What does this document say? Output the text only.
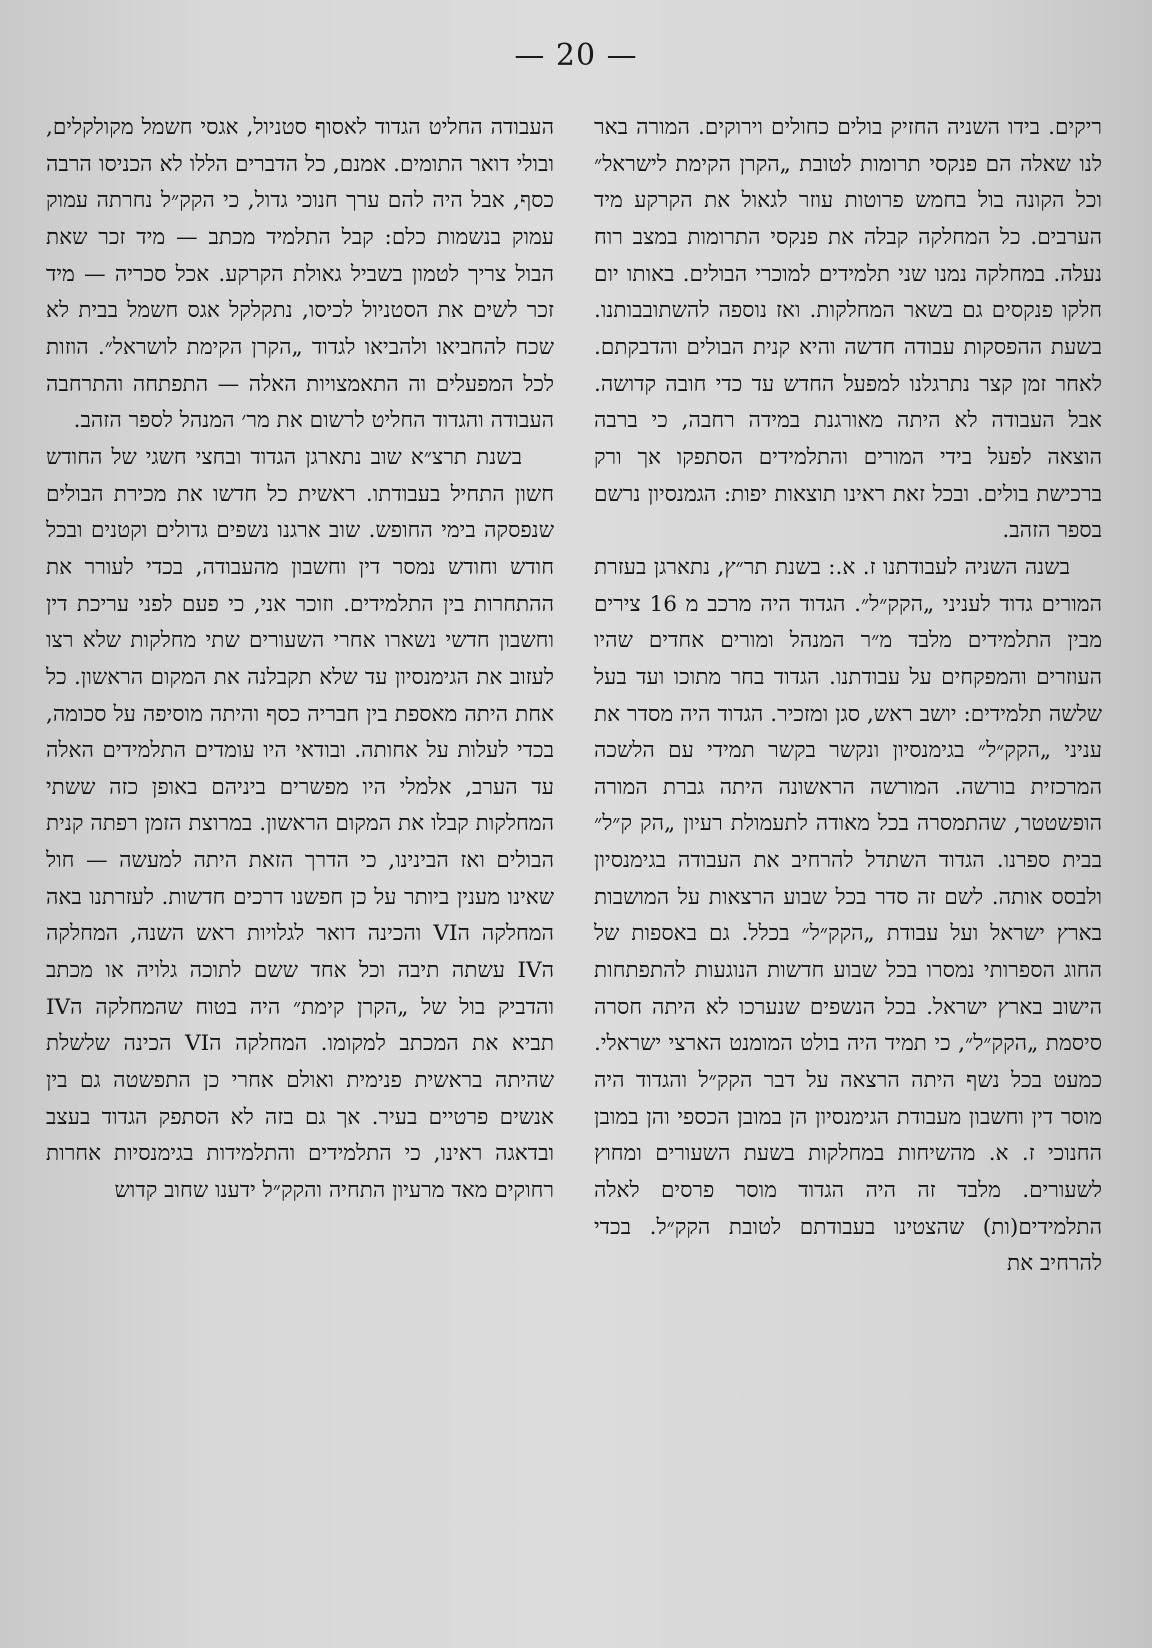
— 20 —

ריקים. בידו השניה החזיק בולים כחולים וירוקים. המורה באר לנו שאלה הם פנקסי תרומות לטובת „הקרן הקימת לישראל״ וכל הקונה בול בחמש פרוטות עוזר לגאול את הקרקע מיד הערבים. כל המחלקה קבלה את פנקסי התרומות במצב רוח נעלה. במחלקה נמנו שני תלמידים למוכרי הבולים. באותו יום חלקו פנקסים גם בשאר המחלקות. ואז נוספה להשתובבותנו. בשעת ההפסקות עבודה חדשה והיא קנית הבולים והדבקתם. לאחר זמן קצר נתרגלנו למפעל החדש עד כדי חובה קדושה. אבל העבודה לא היתה מאורגנת במידה רחבה, כי ברבה הוצאה לפעל בידי המורים והתלמידים הסתפקו אך ורק ברכישת בולים. ובכל זאת ראינו תוצאות יפות: הגמנסיון נרשם בספר הזהב.

בשנה השניה לעבודתנו ז. א.: בשנת תר״ץ, נתארגן בעזרת המורים גדוד לעניני „הקק״ל״. הגדוד היה מרכב מ 16 צירים מבין התלמידים מלבד מ״ר המנהל ומורים אחדים שהיו העוזרים והמפקחים על עבודתנו. הגדוד בחר מתוכו ועד בעל שלשה תלמידים: יושב ראש, סגן ומזכיר. הגדוד היה מסדר את עניני „הקק״ל״ בגימנסיון ונקשר בקשר תמידי עם הלשכה המרכזית בורשה. המורשה הראשונה היתה גברת המורה הופשטטר, שהתמסרה בכל מאודה לתעמולת רעיון „הק ק״ל״ בבית ספרנו. הגדוד השתדל להרחיב את העבודה בגימנסיון ולבסס אותה. לשם זה סדר בכל שבוע הרצאות על המושבות בארץ ישראל ועל עבודת „הקק״ל״ בכלל. גם באספות של החוג הספרותי נמסרו בכל שבוע חדשות הנוגעות להתפתחות הישוב בארץ ישראל. בכל הנשפים שנערכו לא היתה חסרה סיסמת „הקק״ל״, כי תמיד היה בולט המומנט הארצי ישראלי. כמעט בכל נשף היתה הרצאה על דבר הקק״ל והגדוד היה מוסר דין וחשבון מעבודת הגימנסיון הן במובן הכספי והן במובן החנוכי ז. א. מהשיחות במחלקות בשעת השעורים ומחוץ לשעורים. מלבד זה היה הגדוד מוסר פרסים לאלה התלמידים(ות) שהצטינו בעבודתם לטובת הקק״ל. בכדי להרחיב את

העבודה החליט הגדוד לאסוף סטניול, אגסי חשמל מקולקלים, ובולי דואר התומים. אמנם, כל הדברים הללו לא הכניסו הרבה כסף, אבל היה להם ערך חנוכי גדול, כי הקק״ל נחרתה עמוק עמוק בנשמות כלם: קבל התלמיד מכתב — מיד זכר שאת הבול צריך לטמון בשביל גאולת הקרקע. אכל סכריה — מיד זכר לשים את הסטניול לכיסו, נתקלקל אגס חשמל בבית לא שכח להחביאו ולהביאו לגדוד „הקרן הקימת לושראל״. הוזות לכל המפעלים וה התאמצויות האלה — התפתחה והתרחבה העבודה והגדוד החליט לרשום את מר׳ המנהל לספר הזהב.

בשנת תרצ״א שוב נתארגן הגדוד ובחצי חשגי של החודש חשון התחיל בעבודתו. ראשית כל חדשו את מכירת הבולים שנפסקה בימי החופש. שוב ארגנו נשפים גדולים וקטנים ובכל חודש וחודש נמסר דין וחשבון מהעבודה, בכדי לעורר את ההתחרות בין התלמידים. וזוכר אני, כי פעם לפני עריכת דין וחשבון חדשי נשארו אחרי השעורים שתי מחלקות שלא רצו לעזוב את הגימנסיון עד שלא תקבלנה את המקום הראשון. כל אחת היתה מאספת בין חבריה כסף והיתה מוסיפה על סכומה, בכדי לעלות על אחותה. ובודאי היו עומדים התלמידים האלה עד הערב, אלמלי היו מפשרים ביניהם באופן כזה ששתי המחלקות קבלו את המקום הראשון. במרוצת הזמן רפתה קנית הבולים ואז הבינינו, כי הדרך הזאת היתה למעשה — חול שאינו מענין ביותר על כן חפשנו דרכים חדשות. לעזרתנו באה המחלקה הVI והכינה דואר לגלויות ראש השנה, המחלקה הIV עשתה תיבה וכל אחד ששם לתוכה גלויה או מכתב והדביק בול של „הקרן קימת״ היה בטוח שהמחלקה הIV תביא את המכתב למקומו. המחלקה הVI הכינה שלשלת שהיתה בראשית פנימית ואולם אחרי כן התפשטה גם בין אנשים פרטיים בעיר. אך גם בזה לא הסתפק הגדוד בעצב ובדאגה ראינו, כי התלמידים והתלמידות בגימנסיות אחרות רחוקים מאד מרעיון התחיה והקק״ל ידענו שחוב קדוש
